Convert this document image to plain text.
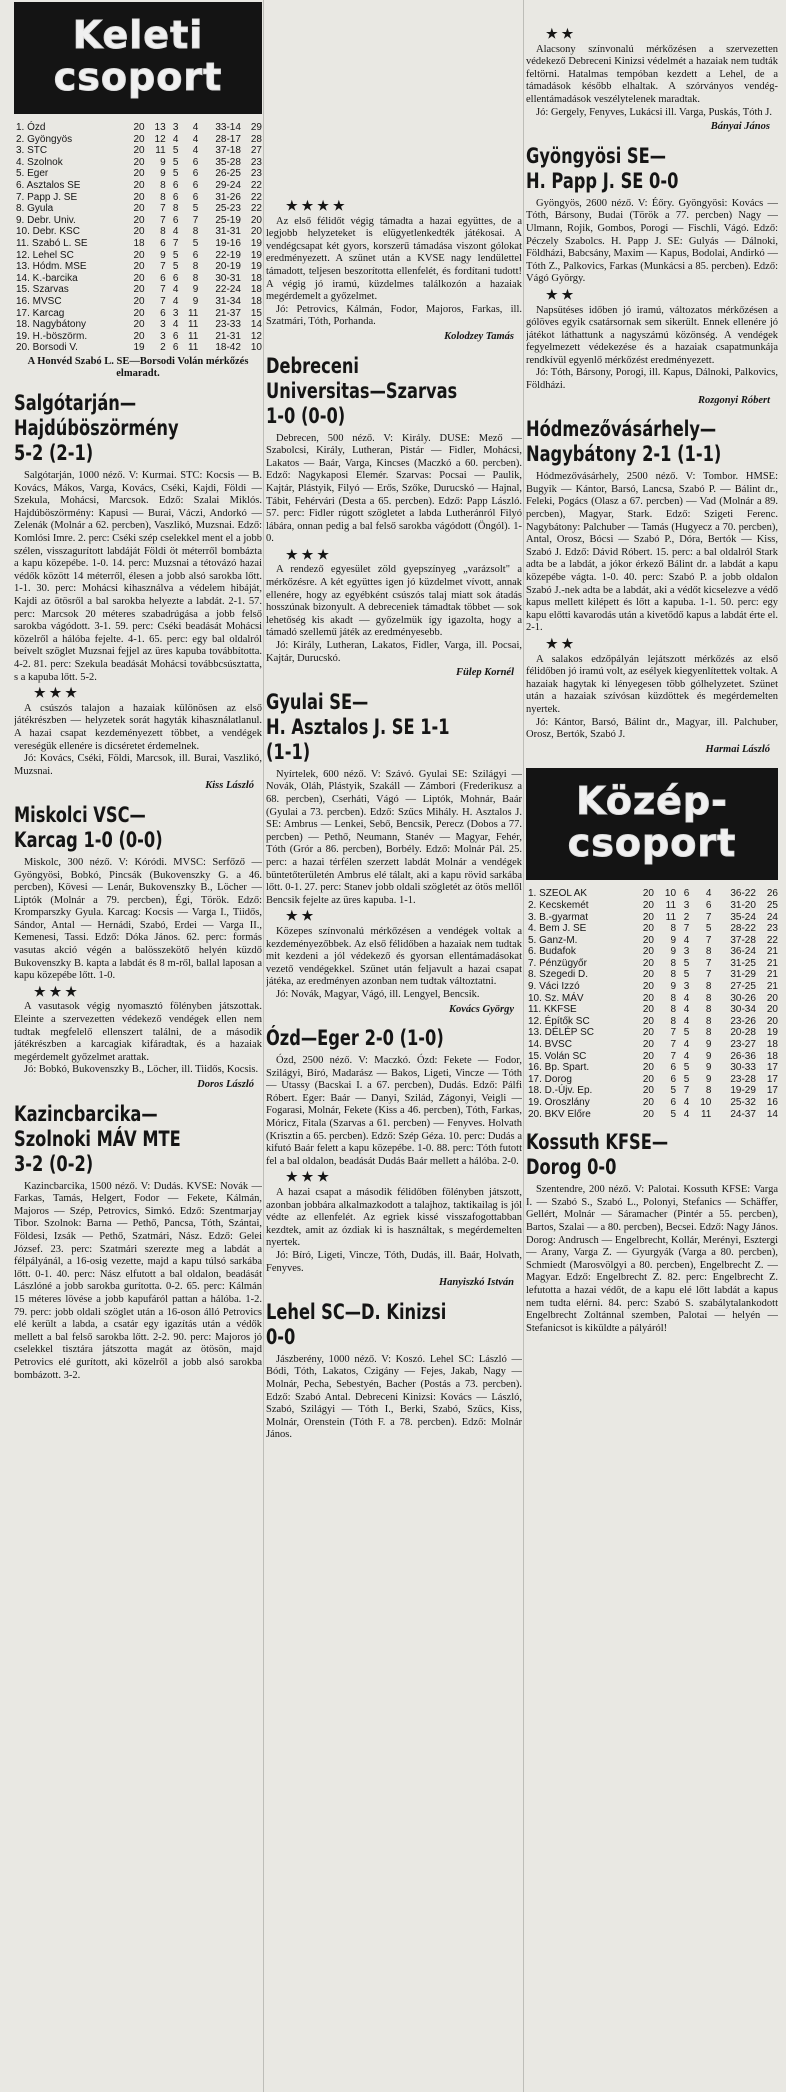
Keleti
csoport
1. Ózd	20	13	3	4	33-14	29
2. Gyöngyös	20	12	4	4	28-17	28
3. STC	20	11	5	4	37-18	27
4. Szolnok	20	9	5	6	35-28	23
5. Eger	20	9	5	6	26-25	23
6. Asztalos SE	20	8	6	6	29-24	22
7. Papp J. SE	20	8	6	6	31-26	22
8. Gyula	20	7	8	5	25-23	22
9. Debr. Univ.	20	7	6	7	25-19	20
10. Debr. KSC	20	8	4	8	31-31	20
11. Szabó L. SE	18	6	7	5	19-16	19
12. Lehel SC	20	9	5	6	22-19	19
13. Hódm. MSE	20	7	5	8	20-19	19
14. K.-barcika	20	6	6	8	30-31	18
15. Szarvas	20	7	4	9	22-24	18
16. MVSC	20	7	4	9	31-34	18
17. Karcag	20	6	3	11	21-37	15
18. Nagybátony	20	3	4	11	23-33	14
19. H.-böszörm.	20	3	6	11	21-31	12
20. Borsodi V.	19	2	6	11	18-42	10
A Honvéd Szabó L. SE—Borsodi Volán mérkőzés elmaradt.
Salgótarján—
Hajdúböszörmény
5-2 (2-1)

Salgótarján, 1000 néző. V: Kurmai. STC: Kocsis — B. Kovács, Mákos, Varga, Kovács, Cséki, Kajdi, Földi — Szekula, Mohácsi, Marcsok. Edző: Szalai Miklós. Hajdúböszörmény: Kapusi — Burai, Váczi, Andorkó — Zelenák (Molnár a 62. percben), Vaszlikó, Muzsnai. Edző: Komlósi Imre. 2. perc: Cséki szép cselekkel ment el a jobb szélen, visszagurított labdáját Földi öt méterről bombázta a kapu közepébe. 1-0. 14. perc: Muzsnai a tétovázó hazai védők között 14 méterről, élesen a jobb alsó sarokba lőtt. 1-1. 30. perc: Mohácsi kihasználva a védelem hibáját, Kajdi az ötösről a bal sarokba helyezte a labdát. 2-1. 57. perc: Marcsok 20 méteres szabadrúgása a jobb felső sarokba vágódott. 3-1. 59. perc: Cséki beadását Mohácsi közelről a hálóba fejelte. 4-1. 65. perc: egy bal oldalról beívelt szöglet Muzsnai fejjel az üres kapuba továbbította. 4-2. 81. perc: Szekula beadását Mohácsi továbbcsúsztatta, s a kapuba lőtt. 5-2.

★★★

A csúszós talajon a hazaiak különösen az első játékrészben — helyzetek sorát hagyták kihasználatlanul. A hazai csapat kezdeményezett többet, a vendégek vereségük ellenére is dicséretet érdemelnek.

Jó: Kovács, Cséki, Földi, Marcsok, ill. Burai, Vaszlikó, Muzsnai.

Kiss László
Miskolci VSC—
Karcag 1-0 (0-0)

Miskolc, 300 néző. V: Kóródi. MVSC: Serfőző — Gyöngyösi, Bobkó, Pincsák (Bukovenszky G. a 46. percben), Kövesi — Lenár, Bukovenszky B., Löcher — Liptók (Molnár a 79. percben), Égi, Török. Edző: Kromparszky Gyula. Karcag: Kocsis — Varga I., Tiidős, Sándor, Antal — Hernádi, Szabó, Erdei — Varga II., Kemenesi, Tassi. Edző: Dóka János. 62. perc: formás vasutas akció végén a balösszekötő helyén küzdő Bukovenszky B. kapta a labdát és 8 m-ről, ballal laposan a kapu közepébe lőtt. 1-0.

★★★

A vasutasok végig nyomasztó fölényben játszottak. Eleinte a szervezetten védekező vendégek ellen nem tudtak megfelelő ellenszert találni, de a második játékrészben a karcagiak kifáradtak, és a hazaiak megérdemelt győzelmet arattak.

Jó: Bobkó, Bukovenszky B., Löcher, ill. Tiidős, Kocsis.

Doros László
Kazincbarcika—
Szolnoki MÁV MTE
3-2 (0-2)

Kazincbarcika, 1500 néző. V: Dudás. KVSE: Novák — Farkas, Tamás, Helgert, Fodor — Fekete, Kálmán, Majoros — Szép, Petrovics, Simkó. Edző: Szentmarjay Tibor. Szolnok: Barna — Pethő, Pancsa, Tóth, Szántai, Földesi, Izsák — Pethő, Szatmári, Nász. Edző: Gelei József. 23. perc: Szatmári szerezte meg a labdát a félpályánál, a 16-osig vezette, majd a kapu túlsó sarkába lőtt. 0-1. 40. perc: Nász elfutott a bal oldalon, beadását Lászlóné a jobb sarokba gurította. 0-2. 65. perc: Kálmán 15 méteres lövése a jobb kapufáról pattan a hálóba. 1-2. 79. perc: jobb oldali szöglet után a 16-oson álló Petrovics elé került a labda, a csatár egy igazítás után a védők mellett a bal felső sarokba lőtt. 2-2. 90. perc: Majoros jó cselekkel tisztára játszotta magát az ötösön, majd Petrovics elé gurított, aki közelről a jobb alsó sarokba bombázott. 3-2.

★★★★

Az első félidőt végig támadta a hazai együttes, de a legjobb helyzeteket is elügyetlenkedték játékosai. A vendégcsapat két gyors, korszerű támadása viszont gólokat eredményezett. A szünet után a KVSE nagy lendülettel támadott, teljesen beszorította ellenfelét, és fordítani tudott! A végig jó iramú, küzdelmes találkozón a hazaiak megérdemelt a győzelmet.

Jó: Petrovics, Kálmán, Fodor, Majoros, Farkas, ill. Szatmári, Tóth, Porhanda.

Kolodzey Tamás
Debreceni
Universitas—Szarvas
1-0 (0-0)

Debrecen, 500 néző. V: Király. DUSE: Mező — Szabolcsi, Király, Lutheran, Pistár — Fidler, Mohácsi, Lakatos — Baár, Varga, Kincses (Maczkó a 60. percben). Edző: Nagykaposi Elemér. Szarvas: Pocsai — Paulik, Kajtár, Plástyik, Filyó — Erős, Szőke, Durucskó — Hajnal, Tábit, Fehérvári (Desta a 65. percben). Edző: Papp László. 57. perc: Fidler rúgott szögletet a labda Lutheránról Filyó lábára, onnan pedig a bal felső sarokba vágódott (Öngól). 1-0.

★★★

A rendező egyesület zöld gyepszínyeg „varázsolt" a mérkőzésre. A két együttes igen jó küzdelmet vívott, annak ellenére, hogy az egyébként csúszós talaj miatt sok átadás hosszúnak bizonyult. A debreceniek támadtak többet — sok lehetőség kis akadt — győzelmük így igazolta, hogy a támadó szellemű játék az eredményesebb.

Jó: Király, Lutheran, Lakatos, Fidler, Varga, ill. Pocsai, Kajtár, Durucskó.

Fülep Kornél
Gyulai SE—
H. Asztalos J. SE 1-1
(1-1)

Nyírtelek, 600 néző. V: Szávó. Gyulai SE: Szilágyi — Novák, Oláh, Plástyik, Szakáll — Zámbori (Frederikusz a 68. percben), Cserháti, Vágó — Liptók, Mohnár, Baár (Gyulai a 73. percben). Edző: Szűcs Mihály. H. Asztalos J. SE: Ambrus — Lenkei, Sebő, Bencsik, Perecz (Dobos a 77. percben) — Pethő, Neumann, Stanév — Magyar, Fehér, Tóth (Grór a 86. percben), Borbély. Edző: Molnár Pál. 25. perc: a hazai térfélen szerzett labdát Molnár a vendégek büntetőterületén Ambrus elé tálalt, aki a kapu rövid sarkába lőtt. 0-1. 27. perc: Stanev jobb oldali szögletét az ötös mellől Bencsik fejelte az üres kapuba. 1-1.

★★

Közepes színvonalú mérkőzésen a vendégek voltak a kezdeményezőbbek. Az első félidőben a hazaiak nem tudtak mit kezdeni a jól védekező és gyorsan ellentámadásokat vezető vendégekkel. Szünet után feljavult a hazai csapat játéka, az eredményen azonban nem tudtak változtatni.

Jó: Novák, Magyar, Vágó, ill. Lengyel, Bencsik.

Kovács György
Ózd—Eger 2-0 (1-0)

Ózd, 2500 néző. V: Maczkó. Ózd: Fekete — Fodor, Szilágyi, Bíró, Madarász — Bakos, Ligeti, Vincze — Tóth — Utassy (Bacskai I. a 67. percben), Dudás. Edző: Pálfi Róbert. Eger: Baár — Danyi, Szilád, Zágonyi, Veigli — Fogarasi, Molnár, Fekete (Kiss a 46. percben), Tóth, Farkas, Móricz, Fitala (Szarvas a 61. percben) — Fenyves. Holvath (Krisztin a 65. percben). Edző: Szép Géza. 10. perc: Dudás a kifutó Baár felett a kapu közepébe. 1-0. 88. perc: Tóth futott fel a bal oldalon, beadását Dudás Baár mellett a hálóba. 2-0.

★★★

A hazai csapat a második félidőben fölényben játszott, azonban jobbára alkalmazkodott a talajhoz, taktikailag is jól védte az ellenfelét. Az egriek kissé visszafogottabban kezdtek, amit az ózdiak ki is használtak, s megérdemelten nyertek.

Jó: Bíró, Ligeti, Vincze, Tóth, Dudás, ill. Baár, Holvath, Fenyves.

Hanyiszkó István
Lehel SC—D. Kinizsi
0-0

Jászberény, 1000 néző. V: Koszó. Lehel SC: László — Bódi, Tóth, Lakatos, Czigány — Fejes, Jakab, Nagy — Molnár, Pecha, Sebestyén, Bacher (Postás a 73. percben). Edző: Szabó Antal. Debreceni Kinizsi: Kovács — László, Szabó, Szilágyi — Tóth I., Berki, Szabó, Szűcs, Kiss, Molnár, Orenstein (Tóth F. a 78. percben). Edző: Molnár János.

★★

Alacsony színvonalú mérkőzésen a szervezetten védekező Debreceni Kinizsi védelmét a hazaiak nem tudták feltörni. Hatalmas tempóban kezdett a Lehel, de a támadások később elhaltak. A szórványos vendég-ellentámadások veszélytelenek maradtak.

Jó: Gergely, Fenyves, Lukácsi ill. Varga, Puskás, Tóth J.

Bányai János
Gyöngyösi SE—
H. Papp J. SE 0-0

Gyöngyös, 2600 néző. V: Éőry. Gyöngyösi: Kovács — Tóth, Bársony, Budai (Török a 77. percben) Nagy — Ulmann, Rojik, Gombos, Porogi — Fischli, Vágó. Edző: Péczely Szabolcs. H. Papp J. SE: Gulyás — Dálnoki, Földházi, Babcsány, Maxim — Kapus, Bodolai, Andirkó — Tóth Z., Palkovics, Farkas (Munkácsi a 85. percben). Edző: Vágó György.

★★

Napsütéses időben jó iramú, változatos mérkőzésen a gólöves egyik csatársornak sem sikerült. Ennek ellenére jó játékot láthattunk a nagyszámú közönség. A vendégek fegyelmezett védekezése és a hazaiak csapatmunkája rendkívül egyenlő mérkőzést eredményezett.

Jó: Tóth, Bársony, Porogi, ill. Kapus, Dálnoki, Palkovics, Földházi.

Rozgonyi Róbert
Hódmezővásárhely—
Nagybátony 2-1 (1-1)

Hódmezővásárhely, 2500 néző. V: Tombor. HMSE: Bugyik — Kántor, Barsó, Lancsa, Szabó P. — Bálint dr., Feleki, Pogács (Olasz a 67. percben) — Vad (Molnár a 89. percben), Magyar, Stark. Edző: Szigeti Ferenc. Nagybátony: Palchuber — Tamás (Hugyecz a 70. percben), Antal, Orosz, Bócsi — Szabó P., Dóra, Bertók — Kiss, Szabó J. Edző: Dávid Róbert. 15. perc: a bal oldalról Stark adta be a labdát, a jókor érkező Bálint dr. a labdát a kapu közepébe vágta. 1-0. 40. perc: Szabó P. a jobb oldalon Szabó J.-nek adta be a labdát, aki a védőt kicselezve a védő kapus mellett kilépett és lőtt a kapuba. 1-1. 50. perc: egy kapu előtti kavarodás után a kivetődő kapus a labdát érte el. 2-1.

★★

A salakos edzőpályán lejátszott mérkőzés az első félidőben jó iramú volt, az esélyek kiegyenlítettek voltak. A hazaiak hagytak ki lényegesen több gólhelyzetet. Szünet után a hazaiak szívósan küzdöttek és megérdemelten nyertek.

Jó: Kántor, Barsó, Bálint dr., Magyar, ill. Palchuber, Orosz, Bertók, Szabó J.

Harmai László
Közép-
csoport
1. SZEOL AK	20	10	6	4	36-22	26
2. Kecskemét	20	11	3	6	31-20	25
3. B.-gyarmat	20	11	2	7	35-24	24
4. Bem J. SE	20	8	7	5	28-22	23
5. Ganz-M.	20	9	4	7	37-28	22
6. Budafok	20	9	3	8	36-24	21
7. Pénzügyőr	20	8	5	7	31-25	21
8. Szegedi D.	20	8	5	7	31-29	21
9. Váci Izzó	20	9	3	8	27-25	21
10. Sz. MÁV	20	8	4	8	30-26	20
11. KKFSE	20	8	4	8	30-34	20
12. Építők SC	20	8	4	8	23-26	20
13. DÉLÉP SC	20	7	5	8	20-28	19
14. BVSC	20	7	4	9	23-27	18
15. Volán SC	20	7	4	9	26-36	18
16. Bp. Spart.	20	6	5	9	30-33	17
17. Dorog	20	6	5	9	23-28	17
18. D.-Újv. Ep.	20	5	7	8	19-29	17
19. Oroszlány	20	6	4	10	25-32	16
20. BKV Előre	20	5	4	11	24-37	14
Kossuth KFSE—
Dorog 0-0

Szentendre, 200 néző. V: Palotai. Kossuth KFSE: Varga I. — Szabó S., Szabó L., Polonyi, Stefanics — Schäffer, Gellért, Molnár — Sáramacher (Pintér a 55. percben), Bartos, Szalai — a 80. percben), Becsei. Edző: Nagy János. Dorog: Andrusch — Engelbrecht, Kollár, Merényi, Esztergi — Arany, Varga Z. — Gyurgyák (Varga a 80. percben), Schmiedt (Marosvölgyi a 80. percben), Engelbrecht Z. — Magyar. Edző: Engelbrecht Z. 82. perc: Engelbrecht Z. lefutotta a hazai védőt, de a kapu elé lőtt labdát a kapus nem tudta elérni. 84. perc: Szabó S. szabálytalankodott Engelbrecht Zoltánnal szemben, Palotai — helyén — Stefanicsot is kiküldte a pályáról!
